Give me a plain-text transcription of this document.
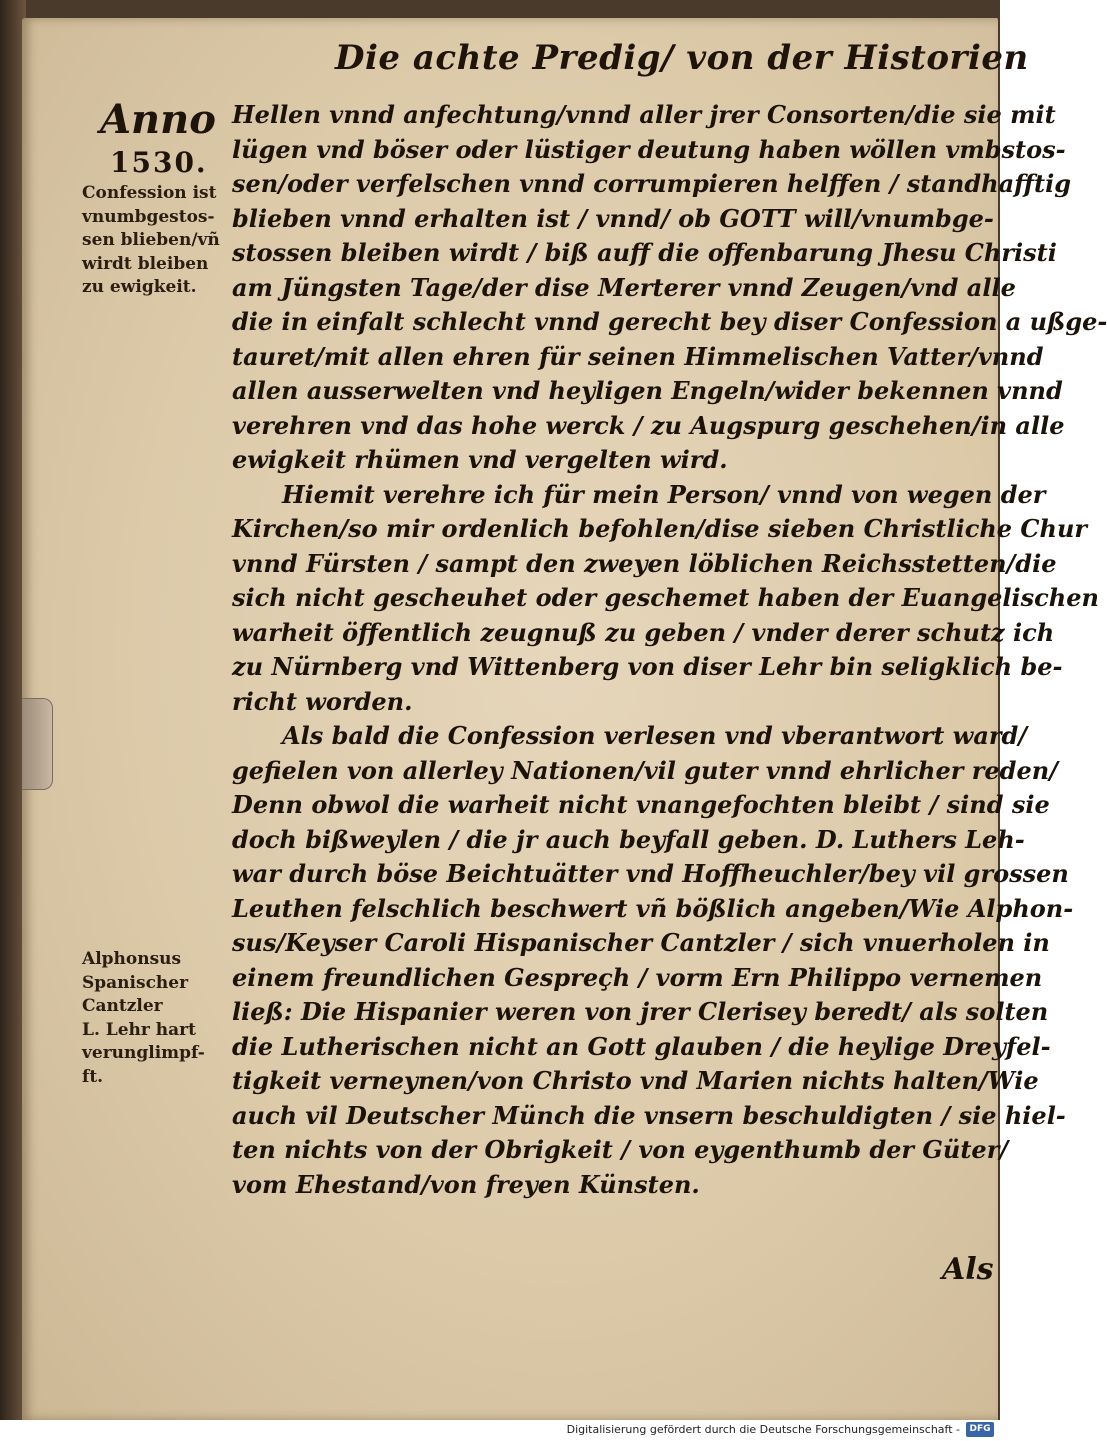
Die achte Predig/ von der Historien
Anno
1530.
Confession ist
vnumbgestos-
sen blieben/vñ
wirdt bleiben
zu ewigkeit.
Alphonsus
Spanischer
Cantzler
L. Lehr hart
verunglimpf-
ft.
Hellen vnnd anfechtung/vnnd aller jrer Consorten/die sie mit
lügen vnd böser oder lüstiger deutung haben wöllen vmbstos-
sen/oder verfelschen vnnd corrumpieren helffen / standhafftig
blieben vnnd erhalten ist / vnnd/ ob GOTT will/vnumbge-
stossen bleiben wirdt / biß auff die offenbarung Jhesu Christi
am Jüngsten Tage/der dise Merterer vnnd Zeugen/vnd alle
die in einfalt schlecht vnnd gerecht bey diser Confession a ußge-
tauret/mit allen ehren für seinen Himmelischen Vatter/vnnd
allen ausserwelten vnd heyligen Engeln/wider bekennen vnnd
verehren vnd das hohe werck / zu Augspurg geschehen/in alle
ewigkeit rhümen vnd vergelten wird.
Hiemit verehre ich für mein Person/ vnnd von wegen der
Kirchen/so mir ordenlich befohlen/dise sieben Christliche Chur
vnnd Fürsten / sampt den zweyen löblichen Reichsstetten/die
sich nicht gescheuhet oder geschemet haben der Euangelischen
warheit öffentlich zeugnuß zu geben / vnder derer schutz ich
zu Nürnberg vnd Wittenberg von diser Lehr bin seligklich be-
richt worden.
Als bald die Confession verlesen vnd vberantwort ward/
gefielen von allerley Nationen/vil guter vnnd ehrlicher reden/
Denn obwol die warheit nicht vnangefochten bleibt / sind sie
doch bißweylen / die jr auch beyfall geben. D. Luthers Leh-
war durch böse Beichtuätter vnd Hoffheuchler/bey vil grossen
Leuthen felschlich beschwert vñ bößlich angeben/Wie Alphon-
sus/Keyser Caroli Hispanischer Cantzler / sich vnuerholen in
einem freundlichen Gespreçh / vorm Ern Philippo vernemen
ließ: Die Hispanier weren von jrer Clerisey beredt/ als solten
die Lutherischen nicht an Gott glauben / die heylige Dreyfel-
tigkeit verneynen/von Christo vnd Marien nichts halten/Wie
auch vil Deutscher Münch die vnsern beschuldigten / sie hiel-
ten nichts von der Obrigkeit / von eygenthumb der Güter/
vom Ehestand/von freyen Künsten.
Als
Digitalisierung gefördert durch die Deutsche Forschungsgemeinschaft -	DFG
